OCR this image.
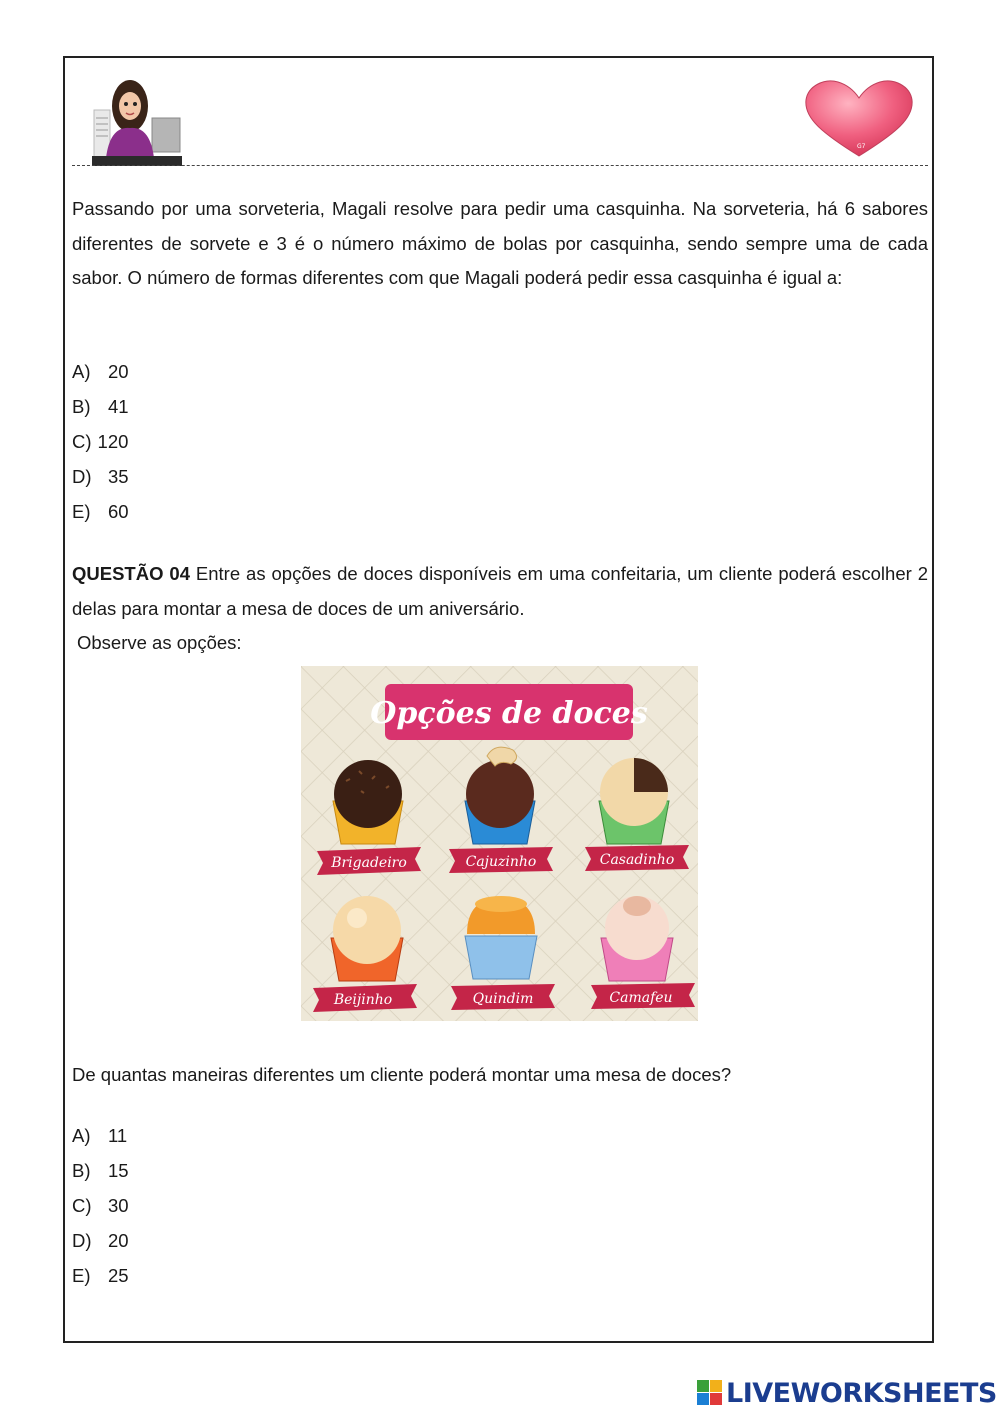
G7

Passando por uma sorveteria, Magali resolve para pedir uma casquinha. Na sorveteria, há 6 sabores diferentes de sorvete e 3 é o número máximo de bolas por casquinha, sendo sempre uma de cada sabor. O número de formas diferentes com que Magali poderá pedir essa casquinha é igual a:

A) 20
B) 41
C) 120
D) 35
E) 60

QUESTÃO 04 Entre as opções de doces disponíveis em uma confeitaria, um cliente poderá escolher 2 delas para montar a mesa de doces de um aniversário.

Observe as opções:
Opções de doces
Brigadeiro	Cajuzinho	Casadinho
Beijinho	Quindim	Camafeu

De quantas maneiras diferentes um cliente poderá montar uma mesa de doces?

A) 11
B) 15
C) 30
D) 20
E) 25
LIVEWORKSHEETS
